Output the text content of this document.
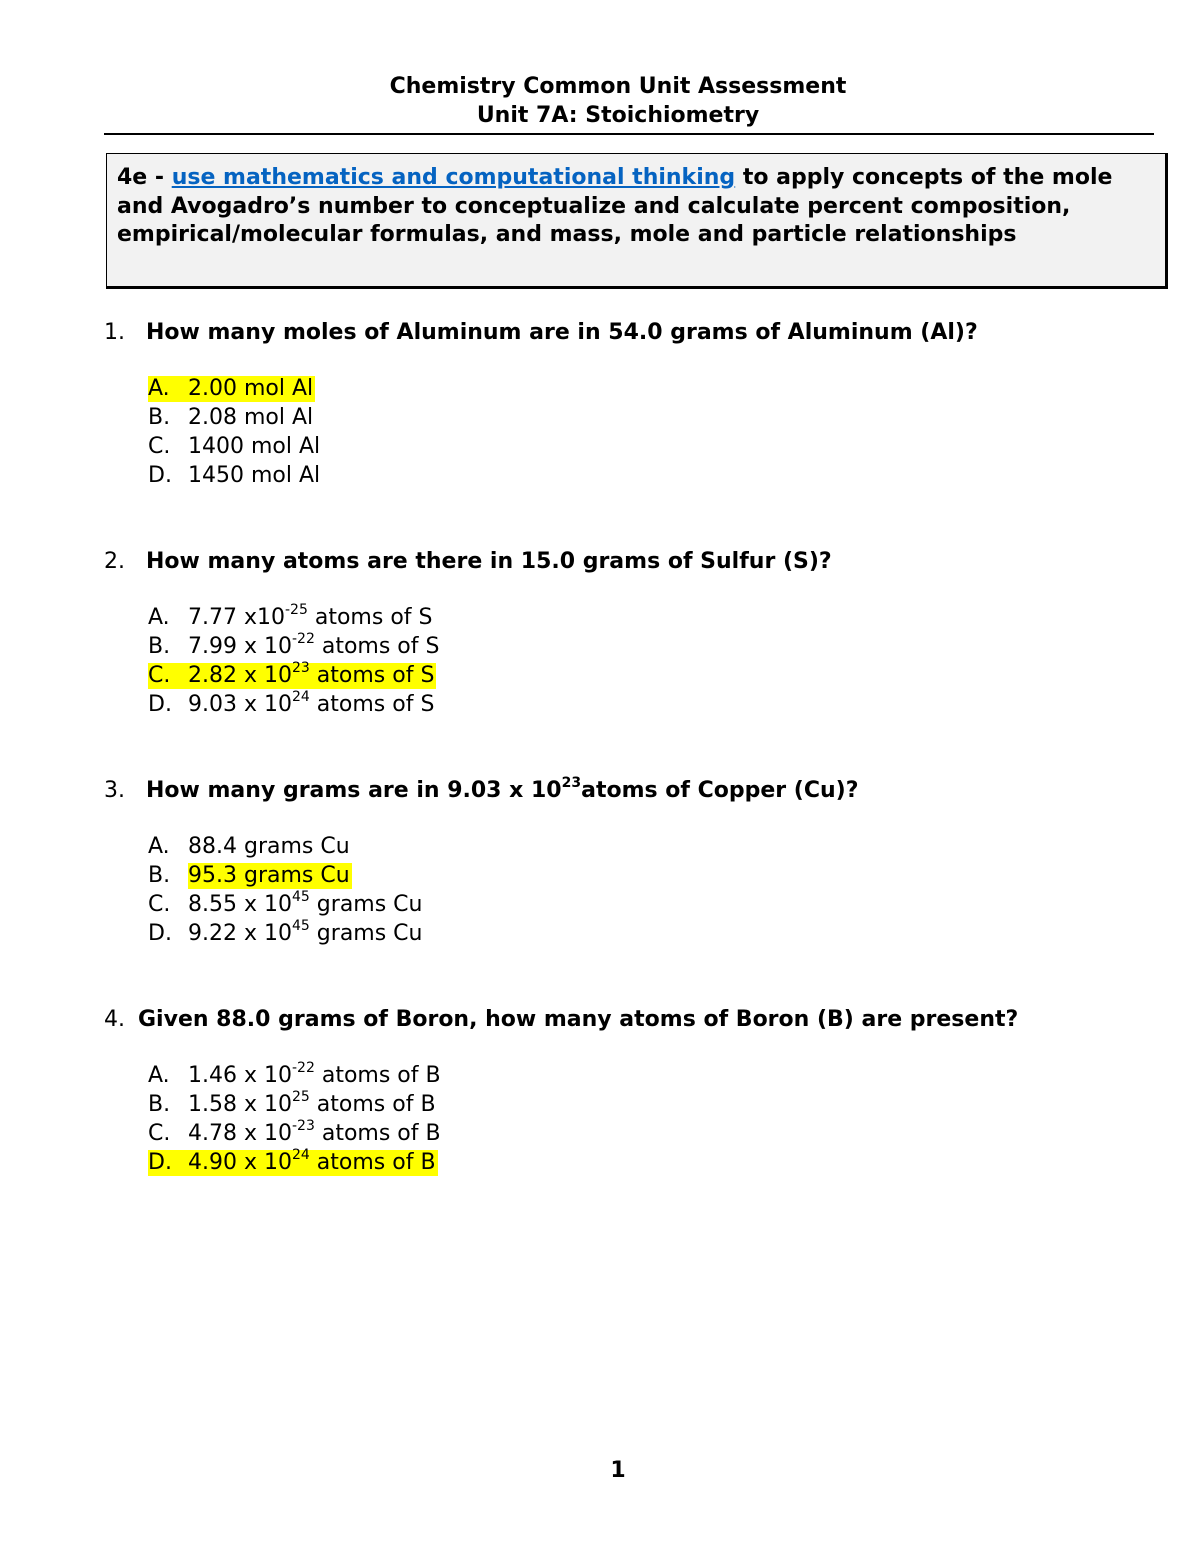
Chemistry Common Unit Assessment
Unit 7A: Stoichiometry
4e - use mathematics and computational thinking to apply concepts of the mole and Avogadro’s number to conceptualize and calculate percent composition, empirical/molecular formulas, and mass, mole and particle relationships
1. How many moles of Aluminum are in 54.0 grams of Aluminum (Al)?
A. 2.00 mol Al
B. 2.08 mol Al
C. 1400 mol Al
D. 1450 mol Al
2. How many atoms are there in 15.0 grams of Sulfur (S)?
A. 7.77 $x10^{-25}$ atoms of S
B. 7.99 x $10^{-22}$ atoms of S
C. 2.82 x $10^{23}$ atoms of S
D. 9.03 x $10^{24}$ atoms of S
3. How many grams are in 9.03 x $10^{23}atoms$ of Copper (Cu)?
A. 88.4 grams Cu
B. 95.3 grams Cu
C. 8.55 x $10^{45}$ grams Cu
D. 9.22 x $10^{45}$ grams Cu
4. Given 88.0 grams of Boron, how many atoms of Boron (B) are present?
A. 1.46 x $10^{-22}$ atoms of B
B. 1.58 x $10^{25}$ atoms of B
C. 4.78 x $10^{-23}$ atoms of B
D. 4.90 x $10^{24}$ atoms of B
1
